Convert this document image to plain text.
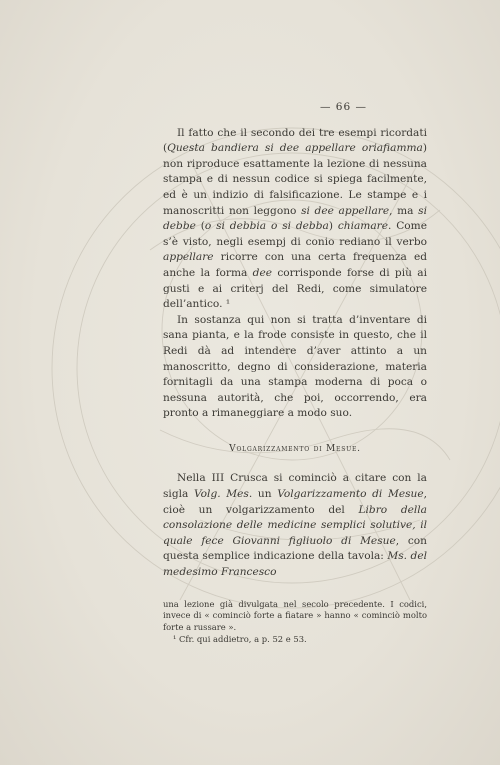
— 66 —

Il fatto che il secondo dei tre esempi ricordati (Questa bandiera si dee appellare oriafiamma) non riproduce esattamente la lezione di nessuna stampa e di nessun codice si spiega facilmente, ed è un indizio di falsificazione. Le stampe e i manoscritti non leggono si dee appellare, ma si debbe (o si debbia o si debba) chiamare. Come s’è visto, negli esempj di conio rediano il verbo appellare ricorre con una certa frequenza ed anche la forma dee corrisponde forse di più ai gusti e ai criterj del Redi, come simulatore dell’antico. ¹

In sostanza qui non si tratta d’inventare di sana pianta, e la frode consiste in questo, che il Redi dà ad intendere d’aver attinto a un manoscritto, degno di considerazione, materia fornitagli da una stampa moderna di poca o nessuna autorità, che poi, occorrendo, era pronto a rimaneggiare a modo suo.

Volgarizzamento di Mesue.

Nella III Crusca si cominciò a citare con la sigla Volg. Mes. un Volgarizzamento di Mesue, cioè un volgarizzamento del Libro della consolazione delle medicine semplici solutive, il quale fece Giovanni figliuolo di Mesue, con questa semplice indicazione della tavola: Ms. del medesimo Francesco

una lezione già divulgata nel secolo precedente. I codici, invece di « cominciò forte a fiatare » hanno « cominciò molto forte a russare ».

¹ Cfr. qui addietro, a p. 52 e 53.
